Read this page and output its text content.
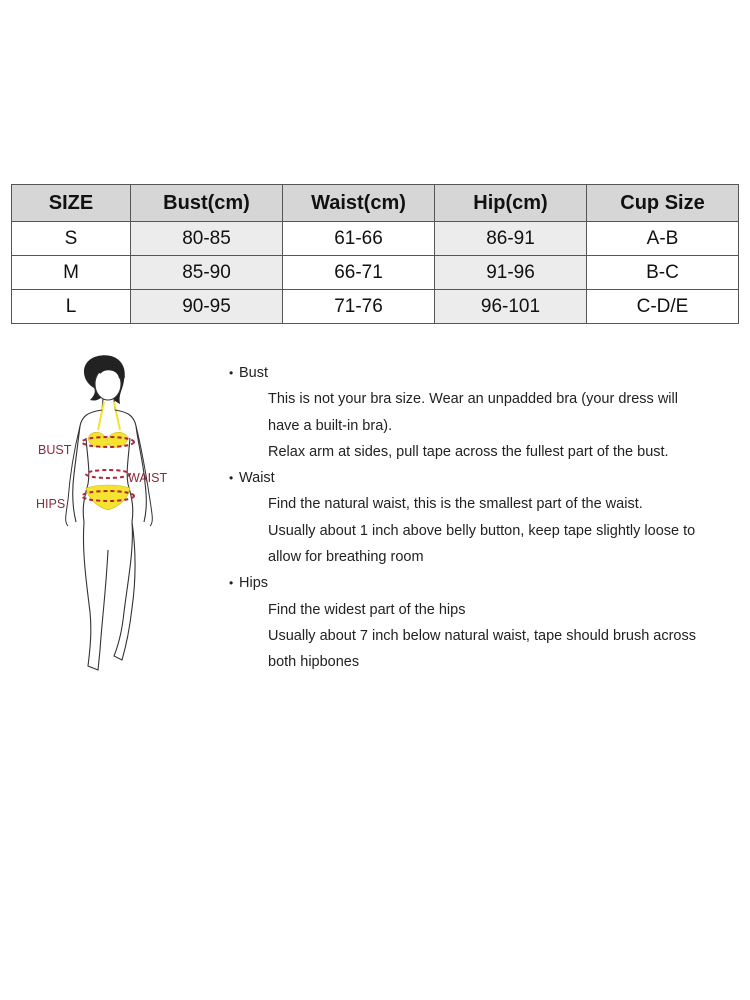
SIZE	Bust(cm)	Waist(cm)	Hip(cm)	Cup Size
S	80-85	61-66	86-91	A-B
M	85-90	66-71	91-96	B-C
L	90-95	71-76	96-101	C-D/E
BUST
WAIST
HIPS

• Bust

This is not your bra size. Wear an unpadded bra (your dress will

have a built-in bra).

Relax arm at sides, pull tape across the fullest part of the bust.

• Waist

Find the natural waist, this is the smallest part of the waist.

Usually about 1 inch above belly button, keep tape slightly loose to

allow for breathing room

• Hips

Find the widest part of the hips

Usually about 7 inch below natural waist, tape should brush across

both hipbones
